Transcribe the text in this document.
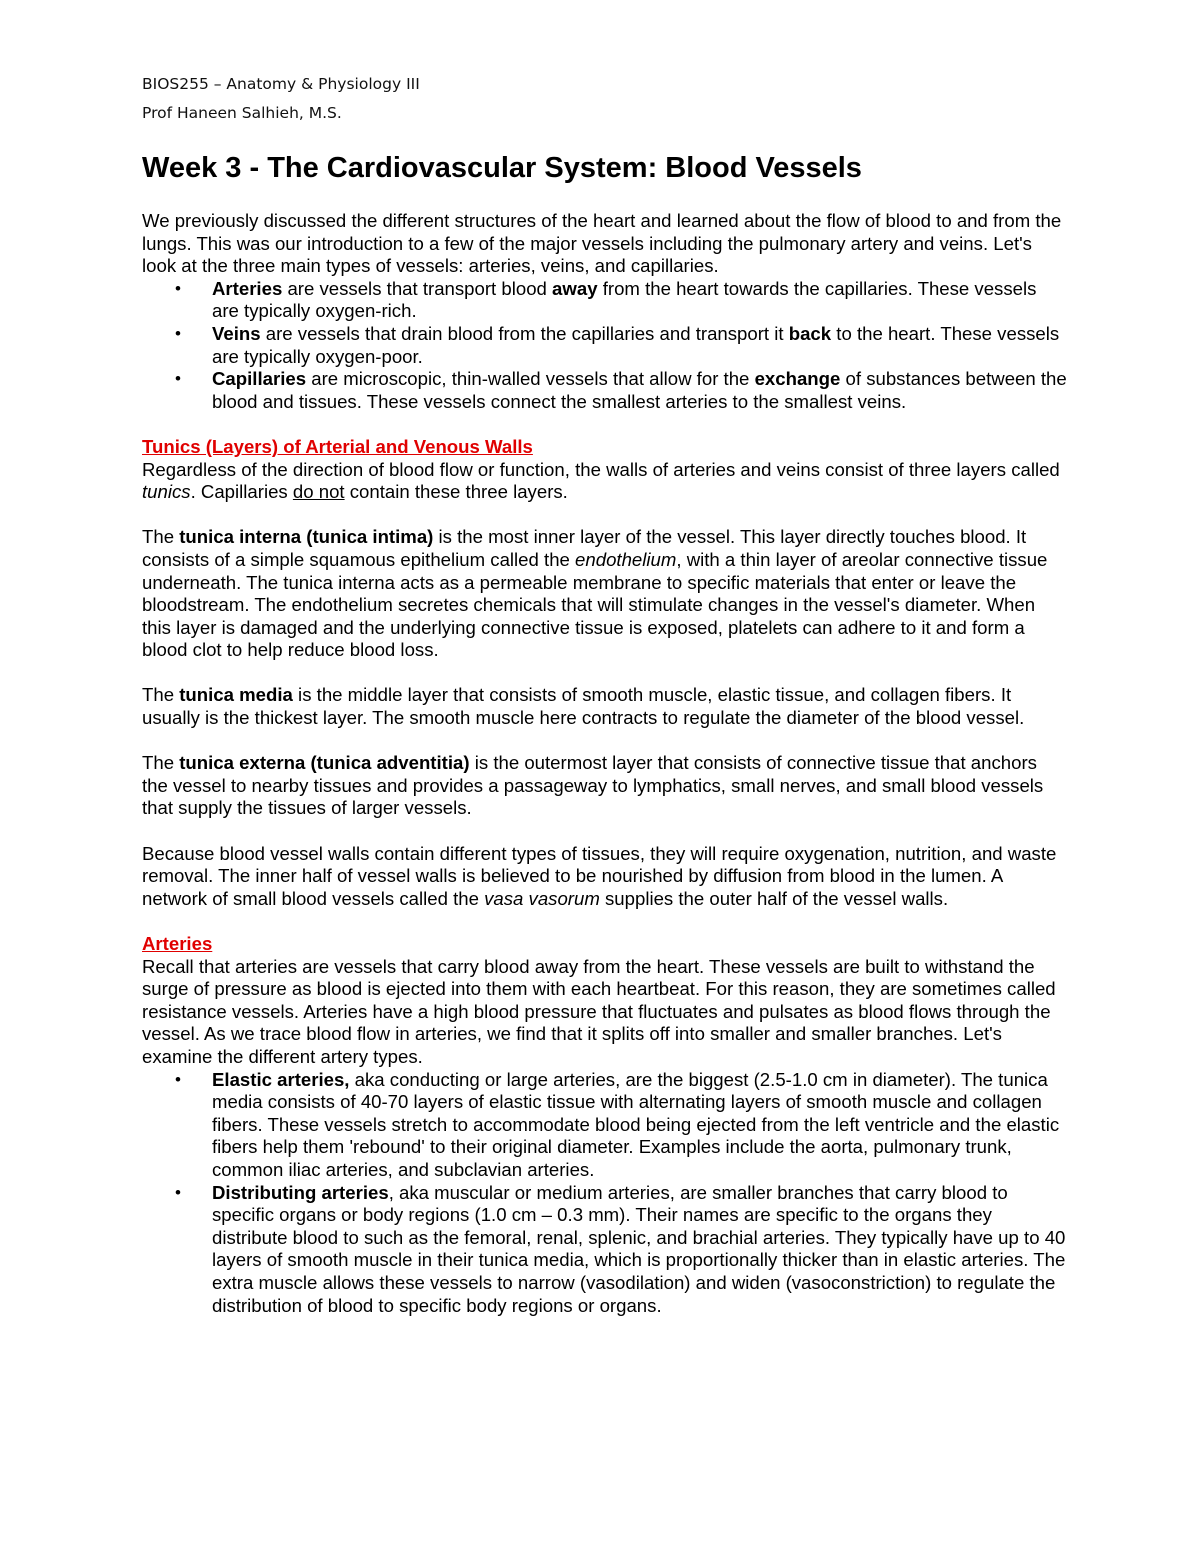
BIOS255 – Anatomy & Physiology III
Prof Haneen Salhieh, M.S.
Week 3 - The Cardiovascular System: Blood Vessels

We previously discussed the different structures of the heart and learned about the flow of blood to and from the lungs. This was our introduction to a few of the major vessels including the pulmonary artery and veins. Let's look at the three main types of vessels: arteries, veins, and capillaries.

• Arteries are vessels that transport blood away from the heart towards the capillaries. These vessels are typically oxygen-rich.
• Veins are vessels that drain blood from the capillaries and transport it back to the heart. These vessels are typically oxygen-poor.
• Capillaries are microscopic, thin-walled vessels that allow for the exchange of substances between the blood and tissues. These vessels connect the smallest arteries to the smallest veins.

Tunics (Layers) of Arterial and Venous Walls

Regardless of the direction of blood flow or function, the walls of arteries and veins consist of three layers called tunics. Capillaries do not contain these three layers.

The tunica interna (tunica intima) is the most inner layer of the vessel. This layer directly touches blood. It consists of a simple squamous epithelium called the endothelium, with a thin layer of areolar connective tissue underneath. The tunica interna acts as a permeable membrane to specific materials that enter or leave the bloodstream. The endothelium secretes chemicals that will stimulate changes in the vessel's diameter. When this layer is damaged and the underlying connective tissue is exposed, platelets can adhere to it and form a blood clot to help reduce blood loss.

The tunica media is the middle layer that consists of smooth muscle, elastic tissue, and collagen fibers. It usually is the thickest layer. The smooth muscle here contracts to regulate the diameter of the blood vessel.

The tunica externa (tunica adventitia) is the outermost layer that consists of connective tissue that anchors the vessel to nearby tissues and provides a passageway to lymphatics, small nerves, and small blood vessels that supply the tissues of larger vessels.

Because blood vessel walls contain different types of tissues, they will require oxygenation, nutrition, and waste removal. The inner half of vessel walls is believed to be nourished by diffusion from blood in the lumen. A network of small blood vessels called the vasa vasorum supplies the outer half of the vessel walls.

Arteries

Recall that arteries are vessels that carry blood away from the heart. These vessels are built to withstand the surge of pressure as blood is ejected into them with each heartbeat. For this reason, they are sometimes called resistance vessels. Arteries have a high blood pressure that fluctuates and pulsates as blood flows through the vessel. As we trace blood flow in arteries, we find that it splits off into smaller and smaller branches. Let's examine the different artery types.

• Elastic arteries, aka conducting or large arteries, are the biggest (2.5-1.0 cm in diameter). The tunica media consists of 40-70 layers of elastic tissue with alternating layers of smooth muscle and collagen fibers. These vessels stretch to accommodate blood being ejected from the left ventricle and the elastic fibers help them 'rebound' to their original diameter. Examples include the aorta, pulmonary trunk, common iliac arteries, and subclavian arteries.
• Distributing arteries, aka muscular or medium arteries, are smaller branches that carry blood to specific organs or body regions (1.0 cm – 0.3 mm). Their names are specific to the organs they distribute blood to such as the femoral, renal, splenic, and brachial arteries. They typically have up to 40 layers of smooth muscle in their tunica media, which is proportionally thicker than in elastic arteries. The extra muscle allows these vessels to narrow (vasodilation) and widen (vasoconstriction) to regulate the distribution of blood to specific body regions or organs.
